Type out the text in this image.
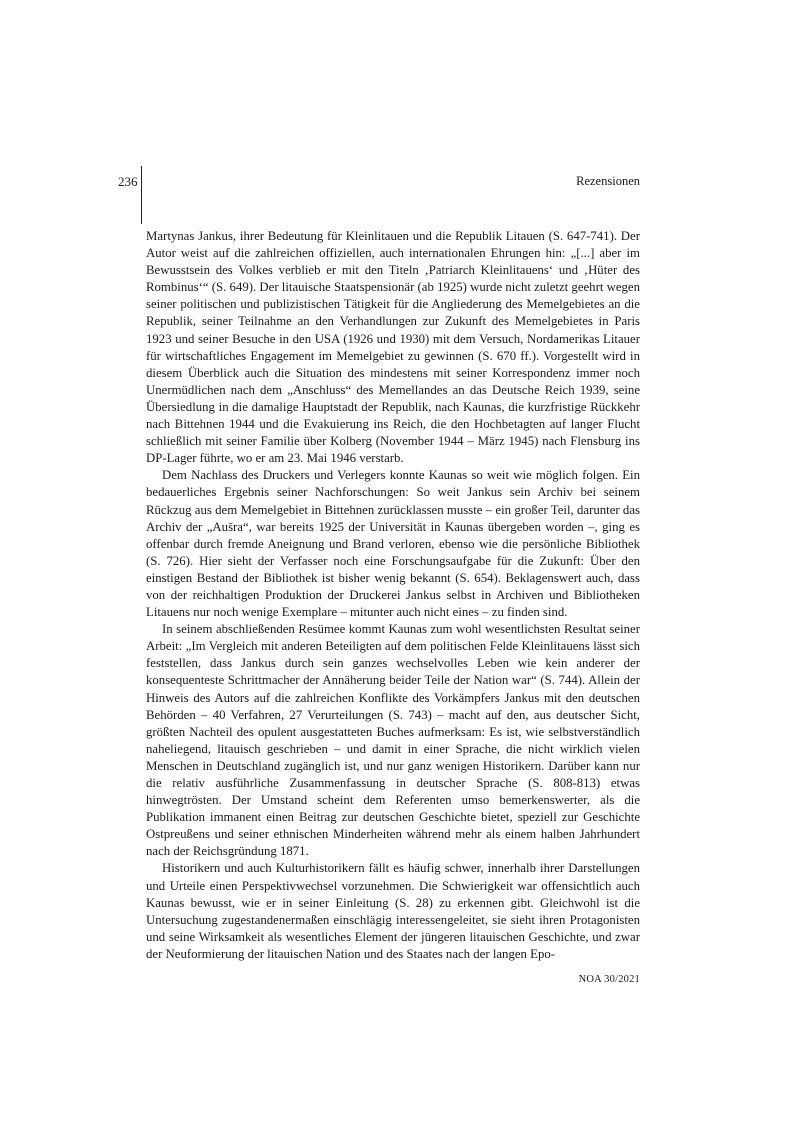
236	Rezensionen

Martynas Jankus, ihrer Bedeutung für Kleinlitauen und die Republik Litauen (S. 647-741). Der Autor weist auf die zahlreichen offiziellen, auch internationalen Ehrungen hin: „[...] aber im Bewusstsein des Volkes verblieb er mit den Titeln ‚Patriarch Kleinlitauens‘ und ‚Hüter des Rombinus‘“ (S. 649). Der litauische Staatspensionär (ab 1925) wurde nicht zuletzt geehrt wegen seiner politischen und publizistischen Tätigkeit für die Angliederung des Memelgebietes an die Republik, seiner Teilnahme an den Verhandlungen zur Zukunft des Memelgebietes in Paris 1923 und seiner Besuche in den USA (1926 und 1930) mit dem Versuch, Nordamerikas Litauer für wirtschaftliches Engagement im Memelgebiet zu gewinnen (S. 670 ff.). Vorgestellt wird in diesem Überblick auch die Situation des mindestens mit seiner Korrespondenz immer noch Unermüdlichen nach dem „Anschluss“ des Memellandes an das Deutsche Reich 1939, seine Übersiedlung in die damalige Hauptstadt der Republik, nach Kaunas, die kurzfristige Rückkehr nach Bittehnen 1944 und die Evakuierung ins Reich, die den Hochbetagten auf langer Flucht schließlich mit seiner Familie über Kolberg (November 1944 – März 1945) nach Flensburg ins DP-Lager führte, wo er am 23. Mai 1946 verstarb.

Dem Nachlass des Druckers und Verlegers konnte Kaunas so weit wie möglich folgen. Ein bedauerliches Ergebnis seiner Nachforschungen: So weit Jankus sein Archiv bei seinem Rückzug aus dem Memelgebiet in Bittehnen zurücklassen musste – ein großer Teil, darunter das Archiv der „Aušra“, war bereits 1925 der Universität in Kaunas übergeben worden –, ging es offenbar durch fremde Aneignung und Brand verloren, ebenso wie die persönliche Bibliothek (S. 726). Hier sieht der Verfasser noch eine Forschungsaufgabe für die Zukunft: Über den einstigen Bestand der Bibliothek ist bisher wenig bekannt (S. 654). Beklagenswert auch, dass von der reichhaltigen Produktion der Druckerei Jankus selbst in Archiven und Bibliotheken Litauens nur noch wenige Exemplare – mitunter auch nicht eines – zu finden sind.

In seinem abschließenden Resümee kommt Kaunas zum wohl wesentlichsten Resultat seiner Arbeit: „Im Vergleich mit anderen Beteiligten auf dem politischen Felde Kleinlitauens lässt sich feststellen, dass Jankus durch sein ganzes wechselvolles Leben wie kein anderer der konsequenteste Schrittmacher der Annäherung beider Teile der Nation war“ (S. 744). Allein der Hinweis des Autors auf die zahlreichen Konflikte des Vorkämpfers Jankus mit den deutschen Behörden – 40 Verfahren, 27 Verurteilungen (S. 743) – macht auf den, aus deutscher Sicht, größten Nachteil des opulent ausgestatteten Buches aufmerksam: Es ist, wie selbstverständlich naheliegend, litauisch geschrieben – und damit in einer Sprache, die nicht wirklich vielen Menschen in Deutschland zugänglich ist, und nur ganz wenigen Historikern. Darüber kann nur die relativ ausführliche Zusammenfassung in deutscher Sprache (S. 808-813) etwas hinwegtrösten. Der Umstand scheint dem Referenten umso bemerkenswerter, als die Publikation immanent einen Beitrag zur deutschen Geschichte bietet, speziell zur Geschichte Ostpreußens und seiner ethnischen Minderheiten während mehr als einem halben Jahrhundert nach der Reichsgründung 1871.

Historikern und auch Kulturhistorikern fällt es häufig schwer, innerhalb ihrer Darstellungen und Urteile einen Perspektivwechsel vorzunehmen. Die Schwierigkeit war offensichtlich auch Kaunas bewusst, wie er in seiner Einleitung (S. 28) zu erkennen gibt. Gleichwohl ist die Untersuchung zugestandenermaßen einschlägig interessengeleitet, sie sieht ihren Protagonisten und seine Wirksamkeit als wesentliches Element der jüngeren litauischen Geschichte, und zwar der Neuformierung der litauischen Nation und des Staates nach der langen Epo-

NOA 30/2021
